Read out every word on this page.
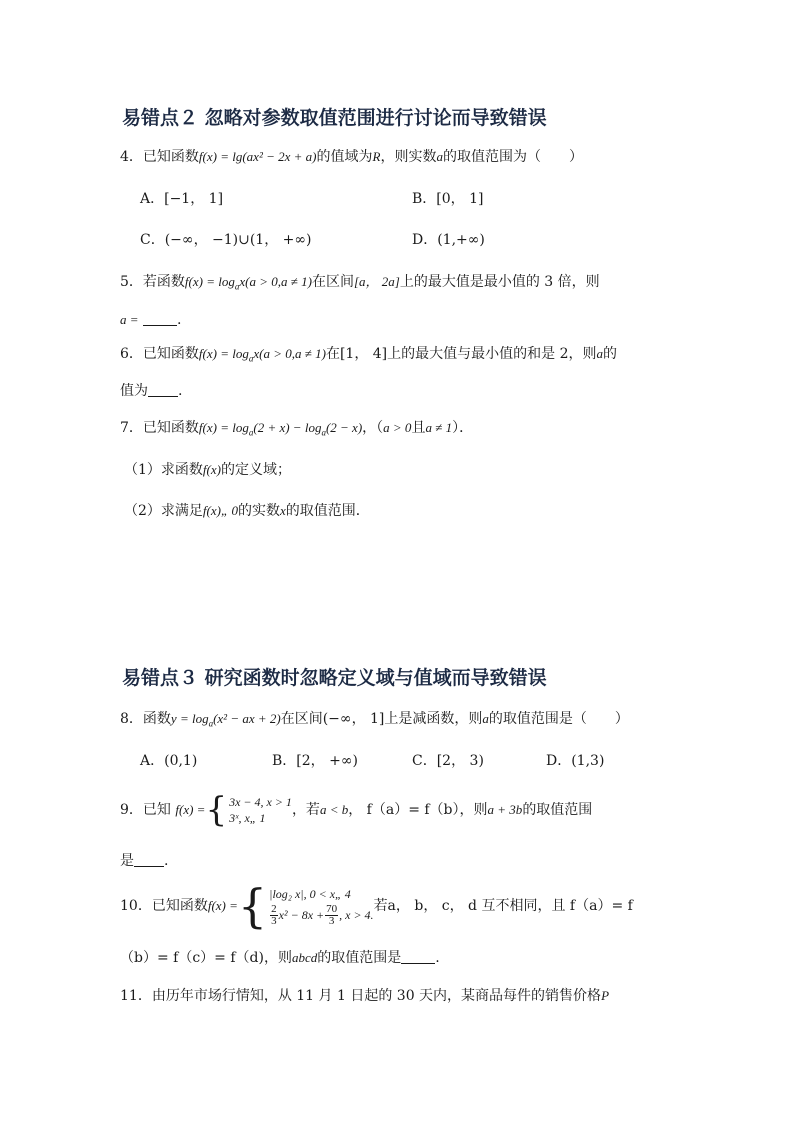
易错点２ 忽略对参数取值范围进行讨论而导致错误
4．已知函数f(x) = lg(ax² − 2x + a)的值域为R，则实数a的取值范围为（　　）
A．[−1， 1]	B．[0， 1]
C．(−∞， −1)∪(1， +∞)	D．(1,+∞)
5．若函数$f(x) = \log_ax(a > 0,a \ne 1)$在区间[a， 2a]上的最大值是最小值的 3 倍，则
a =	.
6．已知函数$f(x) = \log_ax(a > 0,a \ne 1)$在[1， 4]上的最大值与最小值的和是 2，则a的
值为 .
7．已知函数$f(x) = \log_a(2 + x) - \log_a(2 - x)$，（a > 0且a ≠ 1）．
（1）求函数f(x)的定义域；
（2）求满足f(x)„ 0的实数x的取值范围．
易错点３ 研究函数时忽略定义域与值域而导致错误
8．函数$y = \log_a(x^2$ − ax + 2)在区间(−∞， 1]上是减函数，则a的取值范围是（　　）
A．(0,1)	B．[2， +∞)	C．[2， 3)	D．(1,3)
9．已知 f(x) ={ 3x − 4, x > 1
3ˣ, x„ 1	，若a < b， f（a）= f（b），则a + 3b的取值范围
是 .
10．已知函数f(x) ={ |log₂ x|, 0 < x„ 4
$\frac{2}{3} x^2 - 8x + \frac{70}{3}$ , x > 4.
若a， b， c， d 互不相同，且 f（a）= f
（b）= f（c）= f（d)，则abcd的取值范围是 .
11．由历年市场行情知，从 11 月 1 日起的 30 天内，某商品每件的销售价格P
